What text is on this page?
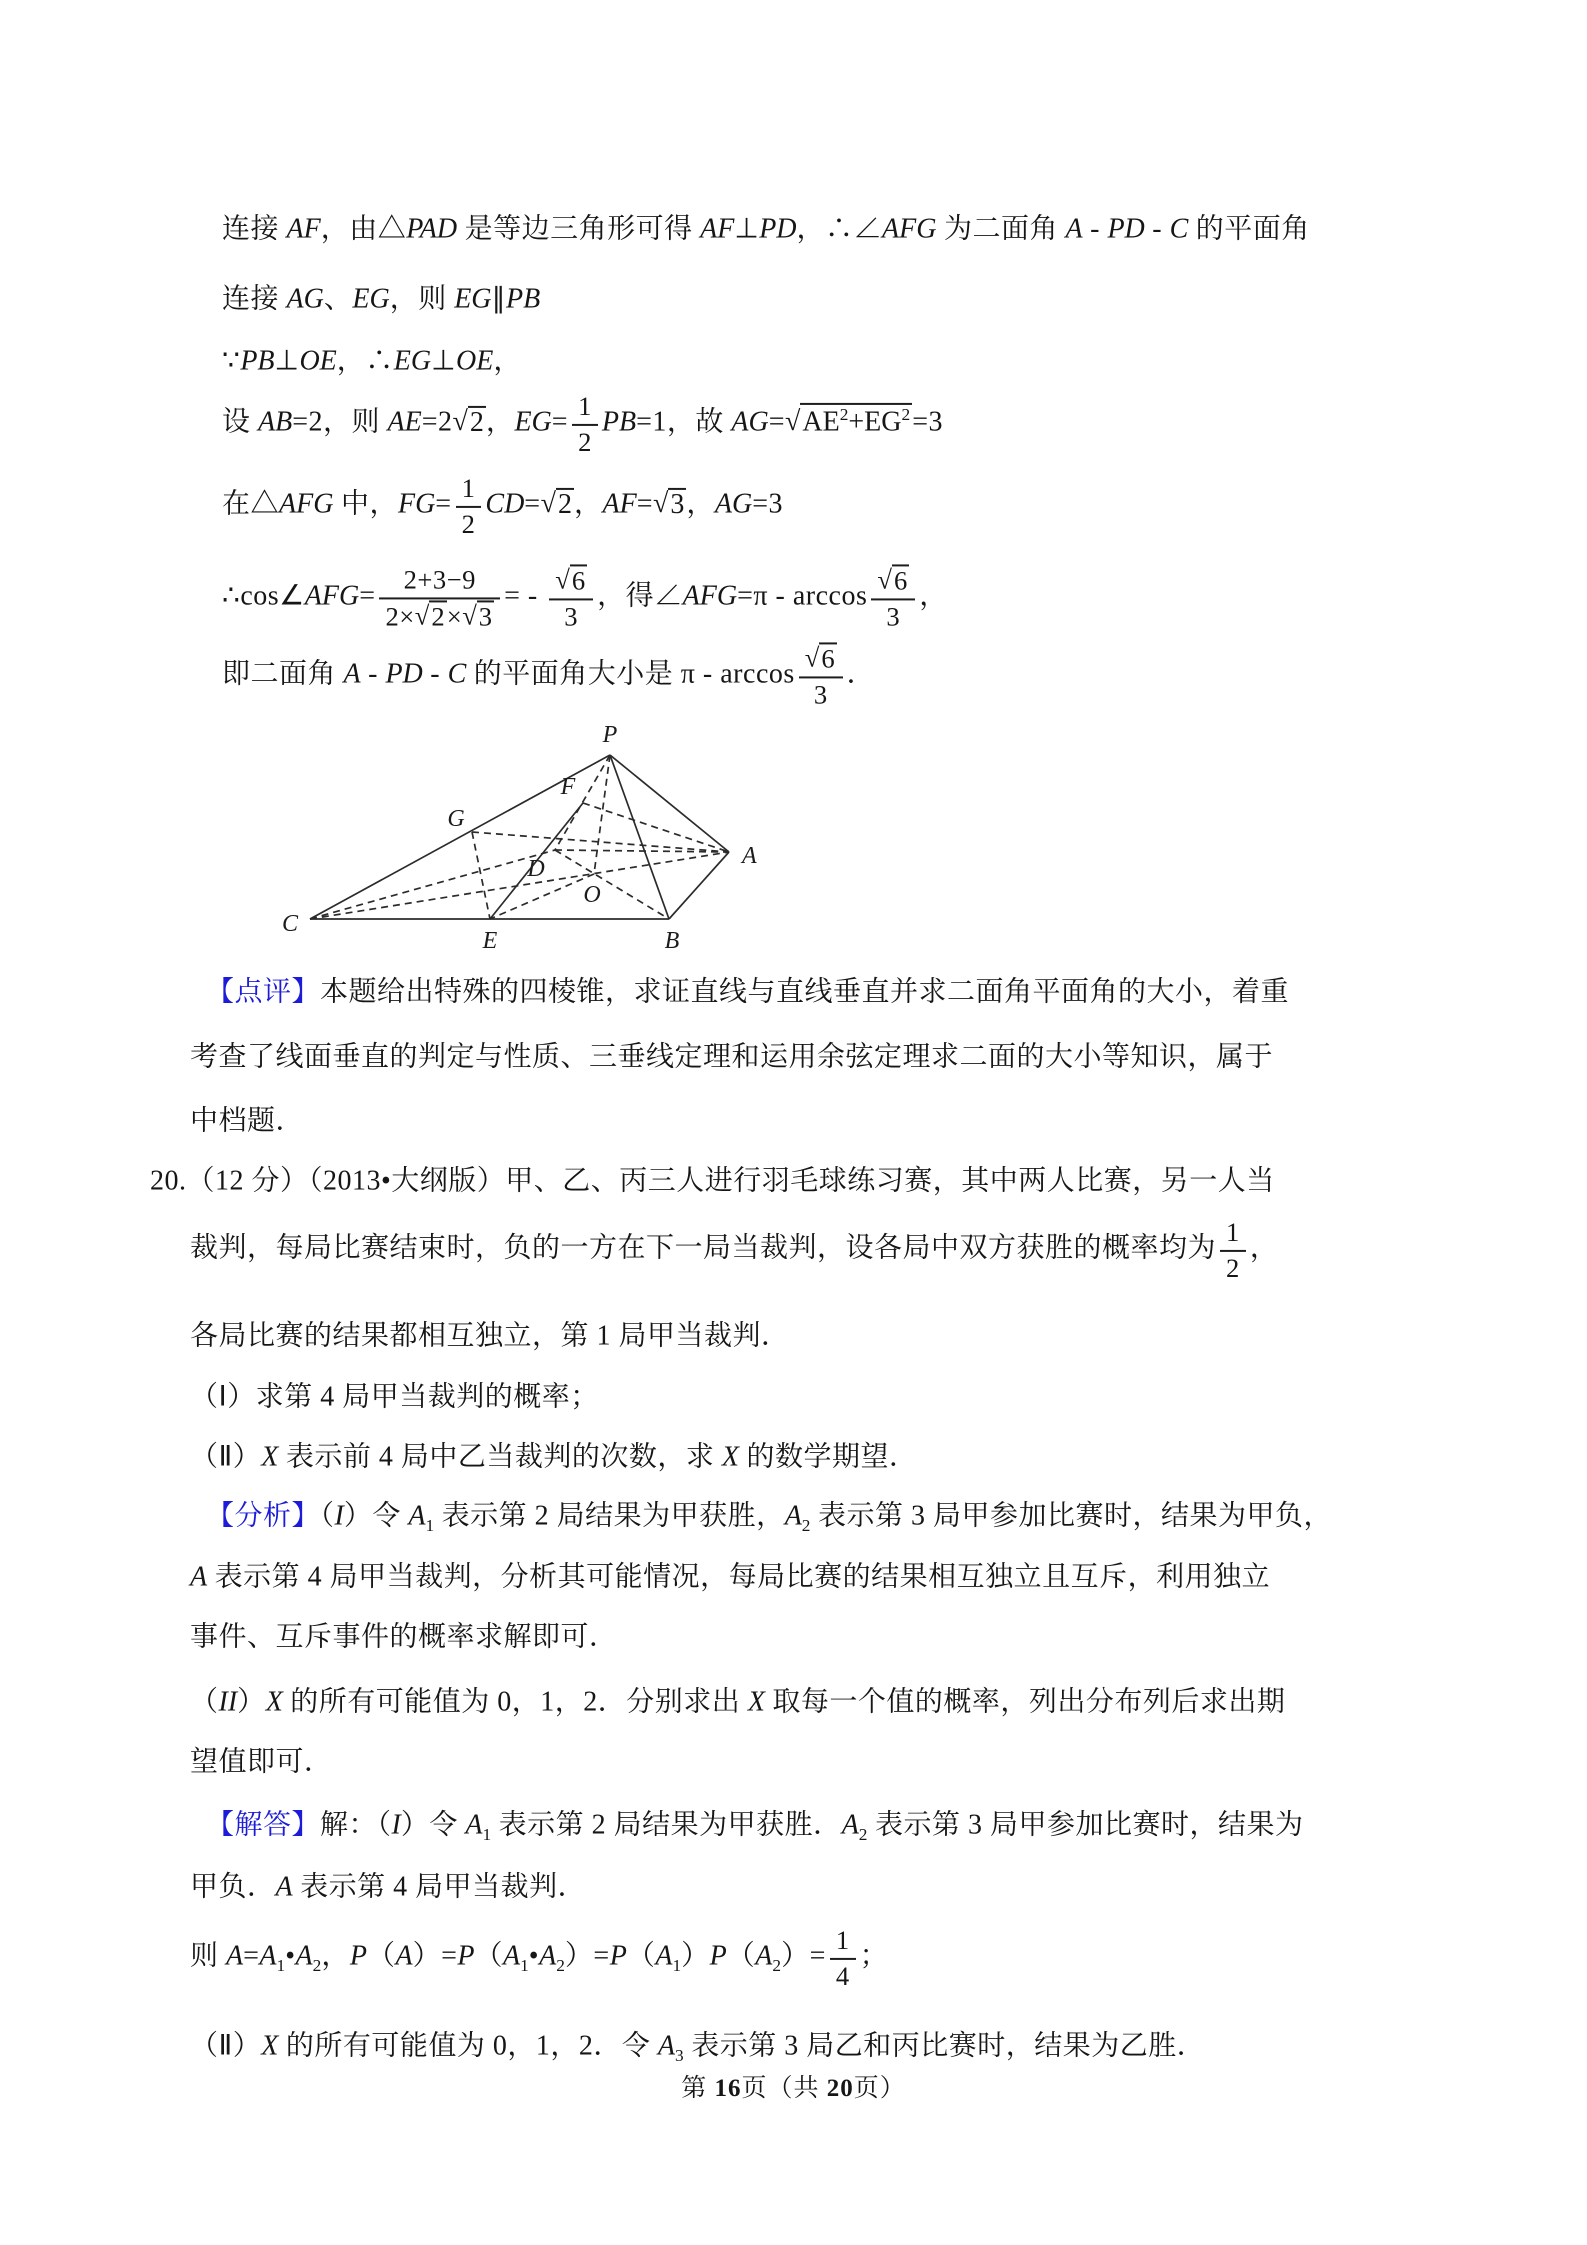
连接 AF，由△PAD 是等边三角形可得 AF⊥PD，∴∠AFG 为二面角 A - PD - C 的平面角
连接 AG、EG，则 EG∥PB
∵PB⊥OE，∴EG⊥OE，
设 AB=2，则 AE=2√2，$EG= \frac{1}{2} PB=1$，故 $AG=√AE^2+EG^2=3$
在△AFG 中，$FG= \frac{1}{2} CD=√2$，AF=√3，AG=3
∴cos∠AFG= $\frac{2+3-9}{2\times√2\times√3}$ = - $\frac{√6}{3}$ ，得∠AFG=π - $\arccos \frac{√6}{3}$ ，
即二面角 A - PD - C 的平面角大小是 π - $\arccos \frac{√6}{3}$ ．
P
G
F
D	A
O
C
E	B
【点评】本题给出特殊的四棱锥，求证直线与直线垂直并求二面角平面角的大小，着重
考查了线面垂直的判定与性质、三垂线定理和运用余弦定理求二面的大小等知识，属于
中档题．
20.（12 分）（2013•大纲版）甲、乙、丙三人进行羽毛球练习赛，其中两人比赛，另一人当
裁判，每局比赛结束时，负的一方在下一局当裁判，设各局中双方获胜的概率均为 $\frac{1}{2}$ ，
各局比赛的结果都相互独立，第 1 局甲当裁判．
（Ⅰ）求第 4 局甲当裁判的概率；
（Ⅱ）X 表示前 4 局中乙当裁判的次数，求 X 的数学期望．
【分析】（I）令 $A_1$ 表示第 2 局结果为甲获胜，$A_2$ 表示第 3 局甲参加比赛时，结果为甲负，
A 表示第 4 局甲当裁判，分析其可能情况，每局比赛的结果相互独立且互斥，利用独立
事件、互斥事件的概率求解即可．
（II）X 的所有可能值为 0，1，2．分别求出 X 取每一个值的概率，列出分布列后求出期
望值即可．
【解答】解：（I）令 $A_1$ 表示第 2 局结果为甲获胜．$A_2$ 表示第 3 局甲参加比赛时，结果为
甲负．A 表示第 4 局甲当裁判．
则 $A=A_1•A_2$，$P(A)=P(A_1•A_2)=P(A_1)P(A_2)= \frac{1}{4}$ ；
（Ⅱ）X 的所有可能值为 0，1，2．令 $A_3$ 表示第 3 局乙和丙比赛时，结果为乙胜．
第 16页（共 20页）
